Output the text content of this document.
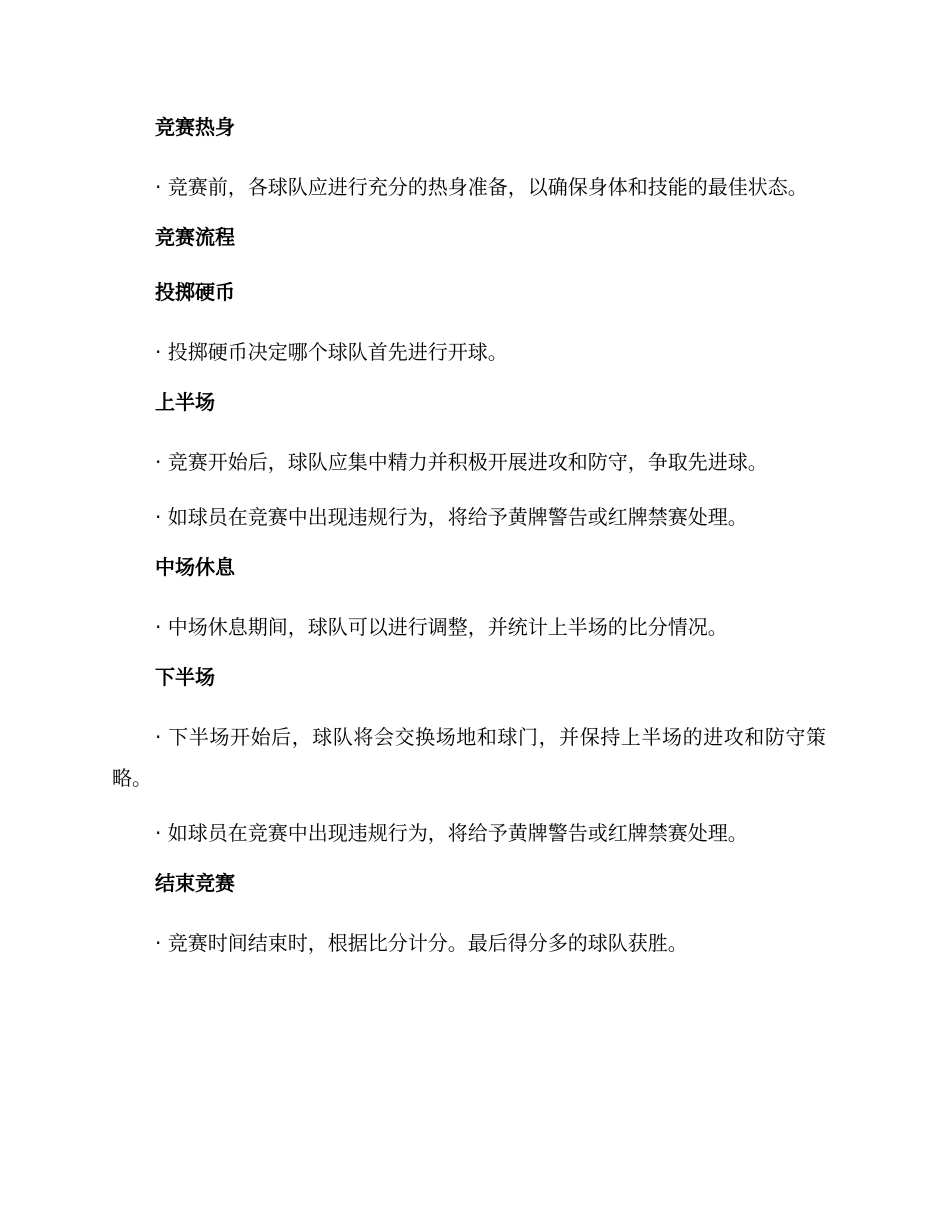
竞赛热身

· 竞赛前，各球队应进行充分的热身准备，以确保身体和技能的最佳状态。

竞赛流程
投掷硬币

· 投掷硬币决定哪个球队首先进行开球。

上半场

· 竞赛开始后，球队应集中精力并积极开展进攻和防守，争取先进球。

· 如球员在竞赛中出现违规行为，将给予黄牌警告或红牌禁赛处理。

中场休息

· 中场休息期间，球队可以进行调整，并统计上半场的比分情况。

下半场

· 下半场开始后，球队将会交换场地和球门，并保持上半场的进攻和防守策略。

· 如球员在竞赛中出现违规行为，将给予黄牌警告或红牌禁赛处理。

结束竞赛

· 竞赛时间结束时，根据比分计分。最后得分多的球队获胜。
